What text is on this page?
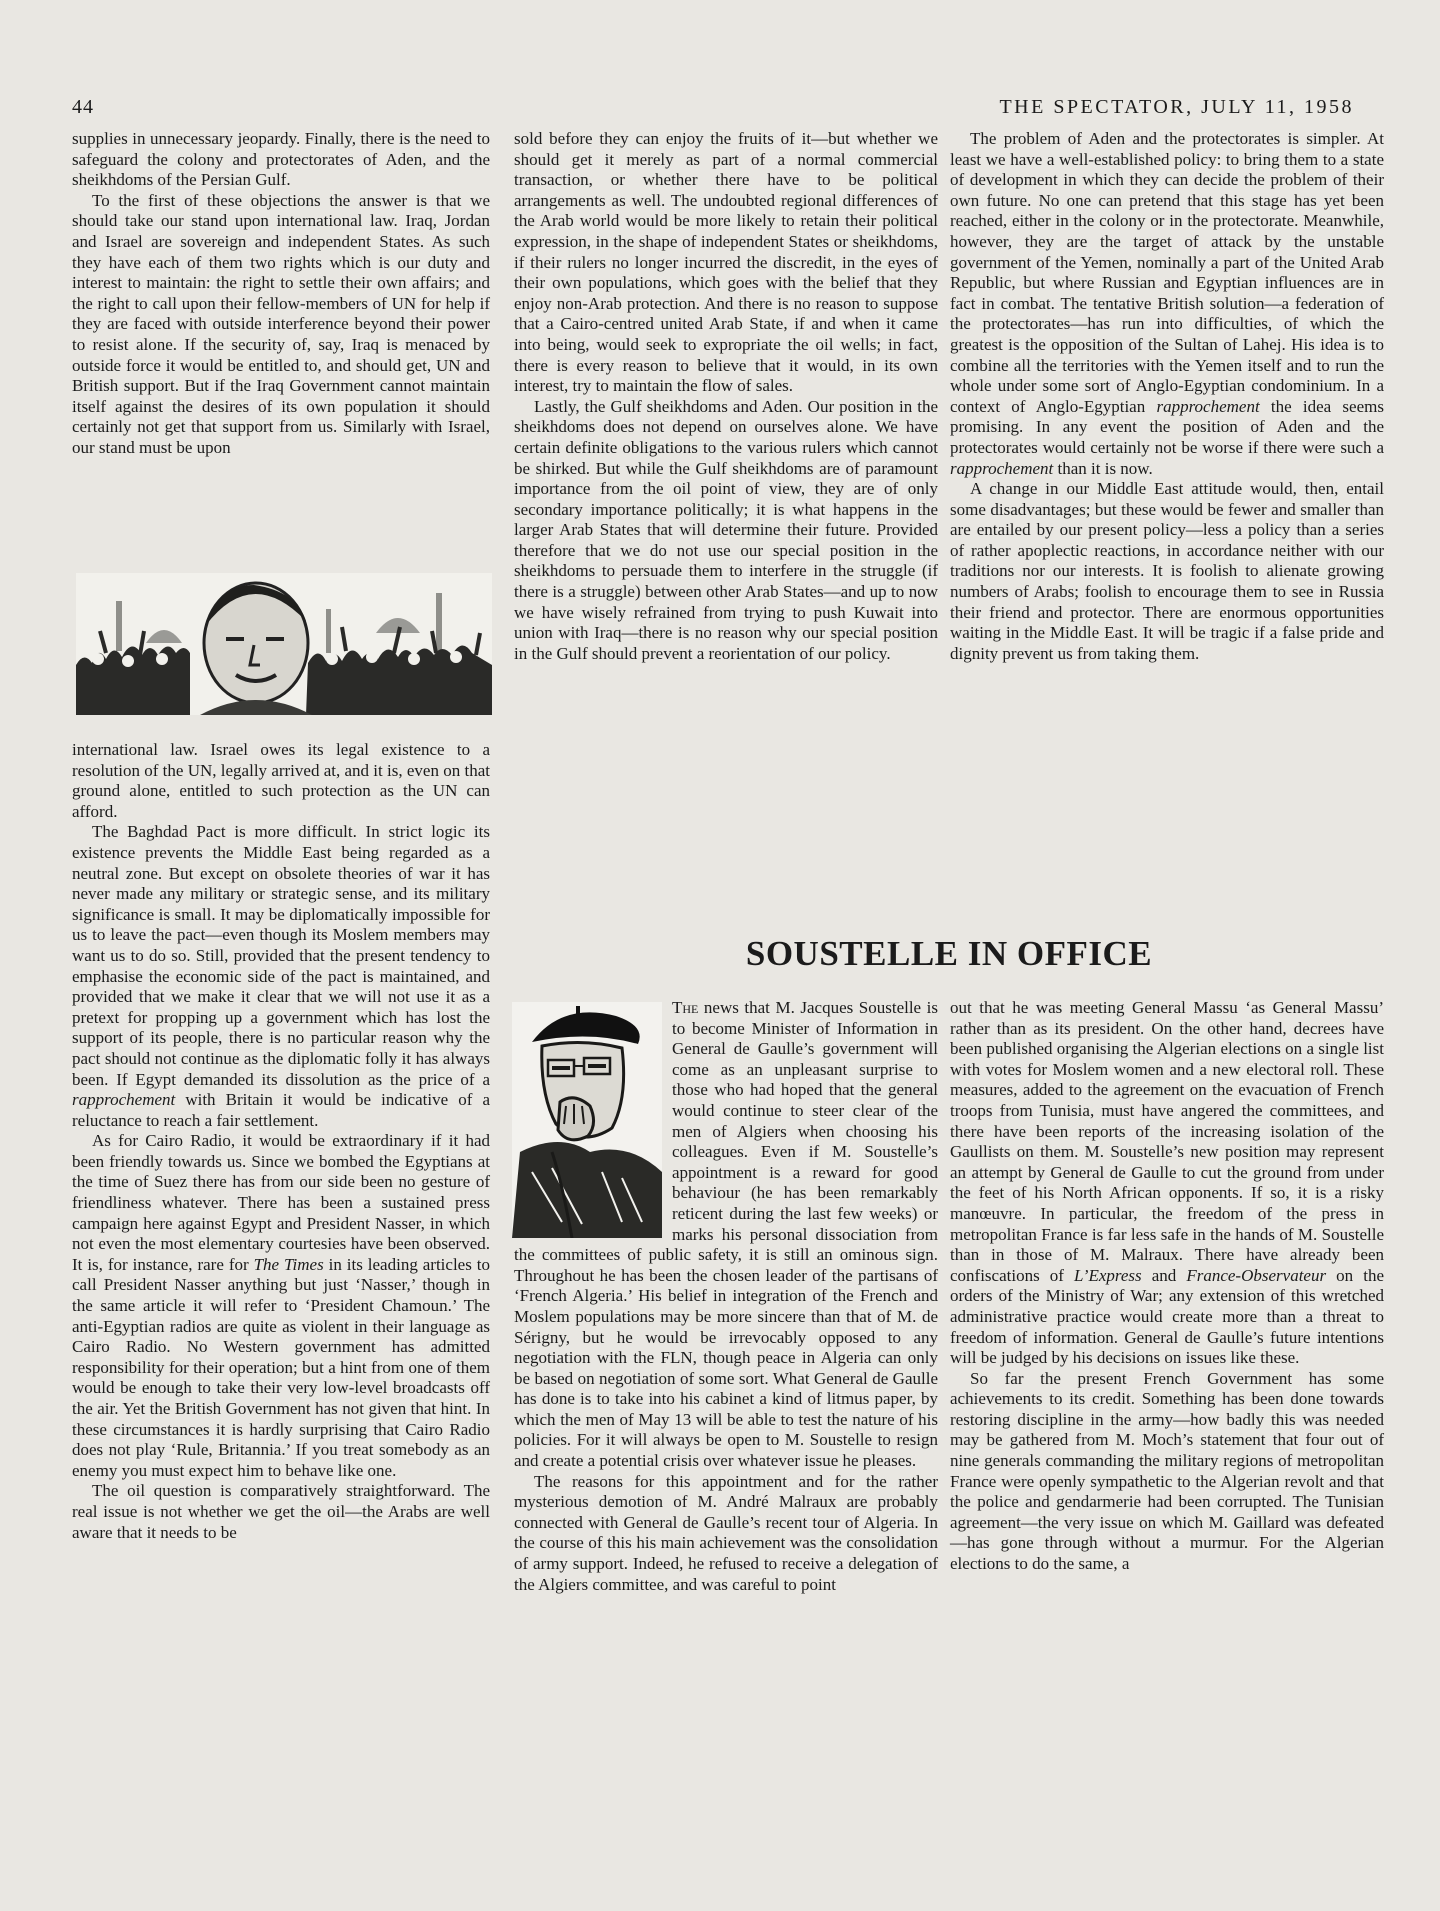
44	THE SPECTATOR, JULY 11, 1958

supplies in unnecessary jeopardy. Finally, there is the need to safeguard the colony and protectorates of Aden, and the sheikhdoms of the Persian Gulf.

To the first of these objections the answer is that we should take our stand upon international law. Iraq, Jordan and Israel are sovereign and independent States. As such they have each of them two rights which is our duty and interest to maintain: the right to settle their own affairs; and the right to call upon their fellow-members of UN for help if they are faced with outside interference beyond their power to resist alone. If the security of, say, Iraq is menaced by outside force it would be entitled to, and should get, UN and British support. But if the Iraq Government cannot maintain itself against the desires of its own population it should certainly not get that support from us. Similarly with Israel, our stand must be upon

international law. Israel owes its legal existence to a resolution of the UN, legally arrived at, and it is, even on that ground alone, entitled to such protection as the UN can afford.

The Baghdad Pact is more difficult. In strict logic its existence prevents the Middle East being regarded as a neutral zone. But except on obsolete theories of war it has never made any military or strategic sense, and its military significance is small. It may be diplomatically impossible for us to leave the pact—even though its Moslem members may want us to do so. Still, provided that the present tendency to emphasise the economic side of the pact is maintained, and provided that we make it clear that we will not use it as a pretext for propping up a government which has lost the support of its people, there is no particular reason why the pact should not continue as the diplomatic folly it has always been. If Egypt demanded its dissolution as the price of a rapprochement with Britain it would be indicative of a reluctance to reach a fair settlement.

As for Cairo Radio, it would be extraordinary if it had been friendly towards us. Since we bombed the Egyptians at the time of Suez there has from our side been no gesture of friendliness whatever. There has been a sustained press campaign here against Egypt and President Nasser, in which not even the most elementary courtesies have been observed. It is, for instance, rare for The Times in its leading articles to call President Nasser anything but just ‘Nasser,’ though in the same article it will refer to ‘President Chamoun.’ The anti-Egyptian radios are quite as violent in their language as Cairo Radio. No Western government has admitted responsibility for their operation; but a hint from one of them would be enough to take their very low-level broadcasts off the air. Yet the British Government has not given that hint. In these circumstances it is hardly surprising that Cairo Radio does not play ‘Rule, Britannia.’ If you treat somebody as an enemy you must expect him to behave like one.

The oil question is comparatively straightforward. The real issue is not whether we get the oil—the Arabs are well aware that it needs to be

sold before they can enjoy the fruits of it—but whether we should get it merely as part of a normal commercial transaction, or whether there have to be political arrangements as well. The undoubted regional differences of the Arab world would be more likely to retain their political expression, in the shape of independent States or sheikhdoms, if their rulers no longer incurred the discredit, in the eyes of their own populations, which goes with the belief that they enjoy non-Arab protection. And there is no reason to suppose that a Cairo-centred united Arab State, if and when it came into being, would seek to expropriate the oil wells; in fact, there is every reason to believe that it would, in its own interest, try to maintain the flow of sales.

Lastly, the Gulf sheikhdoms and Aden. Our position in the sheikhdoms does not depend on ourselves alone. We have certain definite obligations to the various rulers which cannot be shirked. But while the Gulf sheikhdoms are of paramount importance from the oil point of view, they are of only secondary importance politically; it is what happens in the larger Arab States that will determine their future. Provided therefore that we do not use our special position in the sheikhdoms to persuade them to interfere in the struggle (if there is a struggle) between other Arab States—and up to now we have wisely refrained from trying to push Kuwait into union with Iraq—there is no reason why our special position in the Gulf should prevent a reorientation of our policy.

The problem of Aden and the protectorates is simpler. At least we have a well-established policy: to bring them to a state of development in which they can decide the problem of their own future. No one can pretend that this stage has yet been reached, either in the colony or in the protectorate. Meanwhile, however, they are the target of attack by the unstable government of the Yemen, nominally a part of the United Arab Republic, but where Russian and Egyptian influences are in fact in combat. The tentative British solution—a federation of the protectorates—has run into difficulties, of which the greatest is the opposition of the Sultan of Lahej. His idea is to combine all the territories with the Yemen itself and to run the whole under some sort of Anglo-Egyptian condominium. In a context of Anglo-Egyptian rapprochement the idea seems promising. In any event the position of Aden and the protectorates would certainly not be worse if there were such a rapprochement than it is now.

A change in our Middle East attitude would, then, entail some disadvantages; but these would be fewer and smaller than are entailed by our present policy—less a policy than a series of rather apoplectic reactions, in accordance neither with our traditions nor our interests. It is foolish to alienate growing numbers of Arabs; foolish to encourage them to see in Russia their friend and protector. There are enormous opportunities waiting in the Middle East. It will be tragic if a false pride and dignity prevent us from taking them.

SOUSTELLE IN OFFICE

The news that M. Jacques Soustelle is to become Minister of Information in General de Gaulle’s government will come as an unpleasant surprise to those who had hoped that the general would continue to steer clear of the men of Algiers when choosing his colleagues. Even if M. Soustelle’s appointment is a reward for good behaviour (he has been remarkably reticent during the last few weeks) or marks his personal dissociation from the committees of public safety, it is still an ominous sign. Throughout he has been the chosen leader of the partisans of ‘French Algeria.’ His belief in integration of the French and Moslem populations may be more sincere than that of M. de Sérigny, but he would be irrevocably opposed to any negotiation with the FLN, though peace in Algeria can only be based on negotiation of some sort. What General de Gaulle has done is to take into his cabinet a kind of litmus paper, by which the men of May 13 will be able to test the nature of his policies. For it will always be open to M. Soustelle to resign and create a potential crisis over whatever issue he pleases.

The reasons for this appointment and for the rather mysterious demotion of M. André Malraux are probably connected with General de Gaulle’s recent tour of Algeria. In the course of this his main achievement was the consolidation of army support. Indeed, he refused to receive a delegation of the Algiers committee, and was careful to point

out that he was meeting General Massu ‘as General Massu’ rather than as its president. On the other hand, decrees have been published organising the Algerian elections on a single list with votes for Moslem women and a new electoral roll. These measures, added to the agreement on the evacuation of French troops from Tunisia, must have angered the committees, and there have been reports of the increasing isolation of the Gaullists on them. M. Soustelle’s new position may represent an attempt by General de Gaulle to cut the ground from under the feet of his North African opponents. If so, it is a risky manœuvre. In particular, the freedom of the press in metropolitan France is far less safe in the hands of M. Soustelle than in those of M. Malraux. There have already been confiscations of L’Express and France-Observateur on the orders of the Ministry of War; any extension of this wretched administrative practice would create more than a threat to freedom of information. General de Gaulle’s future intentions will be judged by his decisions on issues like these.

So far the present French Government has some achievements to its credit. Something has been done towards restoring discipline in the army—how badly this was needed may be gathered from M. Moch’s statement that four out of nine generals commanding the military regions of metropolitan France were openly sympathetic to the Algerian revolt and that the police and gendarmerie had been corrupted. The Tunisian agreement—the very issue on which M. Gaillard was defeated—has gone through without a murmur. For the Algerian elections to do the same, a
